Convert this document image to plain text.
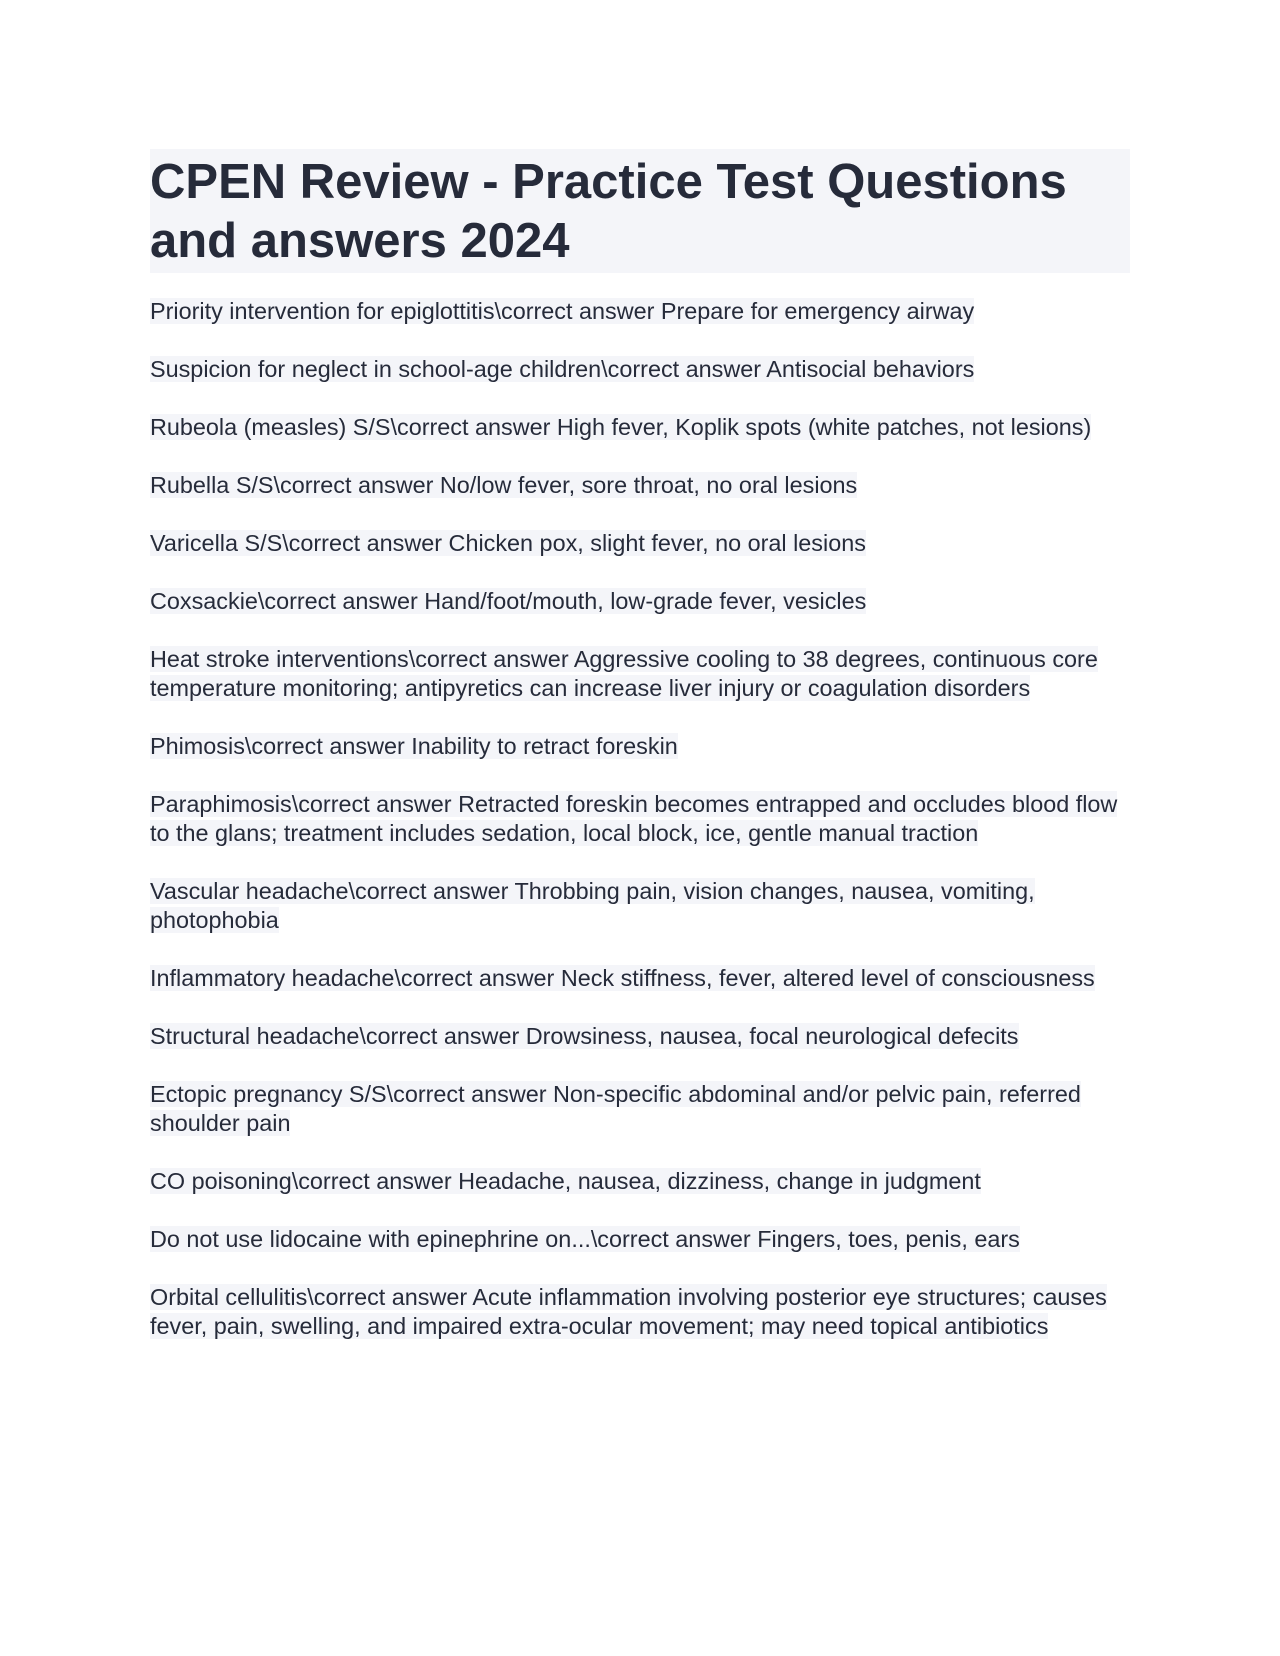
CPEN Review - Practice Test Questions and answers 2024

Priority intervention for epiglottitis\correct answer Prepare for emergency airway

Suspicion for neglect in school-age children\correct answer Antisocial behaviors

Rubeola (measles) S/S\correct answer High fever, Koplik spots (white patches, not lesions)

Rubella S/S\correct answer No/low fever, sore throat, no oral lesions

Varicella S/S\correct answer Chicken pox, slight fever, no oral lesions

Coxsackie\correct answer Hand/foot/mouth, low-grade fever, vesicles

Heat stroke interventions\correct answer Aggressive cooling to 38 degrees, continuous core temperature monitoring; antipyretics can increase liver injury or coagulation disorders

Phimosis\correct answer Inability to retract foreskin

Paraphimosis\correct answer Retracted foreskin becomes entrapped and occludes blood flow to the glans; treatment includes sedation, local block, ice, gentle manual traction

Vascular headache\correct answer Throbbing pain, vision changes, nausea, vomiting, photophobia

Inflammatory headache\correct answer Neck stiffness, fever, altered level of consciousness

Structural headache\correct answer Drowsiness, nausea, focal neurological defecits

Ectopic pregnancy S/S\correct answer Non-specific abdominal and/or pelvic pain, referred shoulder pain

CO poisoning\correct answer Headache, nausea, dizziness, change in judgment

Do not use lidocaine with epinephrine on...\correct answer Fingers, toes, penis, ears

Orbital cellulitis\correct answer Acute inflammation involving posterior eye structures; causes fever, pain, swelling, and impaired extra-ocular movement; may need topical antibiotics
